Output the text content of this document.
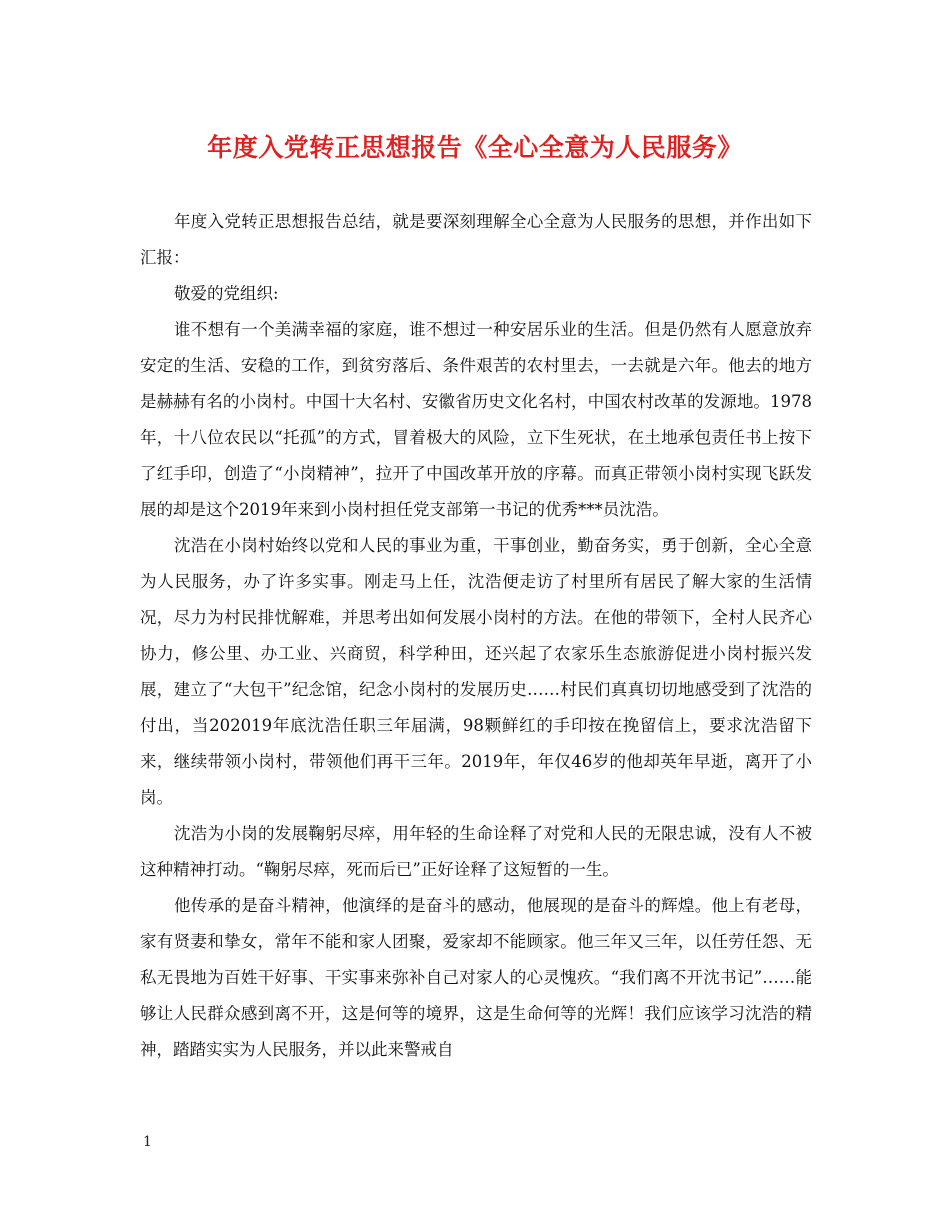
年度入党转正思想报告《全心全意为人民服务》

年度入党转正思想报告总结，就是要深刻理解全心全意为人民服务的思想，并作出如下汇报：

敬爱的党组织:

谁不想有一个美满幸福的家庭，谁不想过一种安居乐业的生活。但是仍然有人愿意放弃安定的生活、安稳的工作，到贫穷落后、条件艰苦的农村里去，一去就是六年。他去的地方是赫赫有名的小岗村。中国十大名村、安徽省历史文化名村，中国农村改革的发源地。1978年，十八位农民以“托孤”的方式，冒着极大的风险，立下生死状，在土地承包责任书上按下了红手印，创造了“小岗精神”，拉开了中国改革开放的序幕。而真正带领小岗村实现飞跃发展的却是这个2019年来到小岗村担任党支部第一书记的优秀***员沈浩。

沈浩在小岗村始终以党和人民的事业为重，干事创业，勤奋务实，勇于创新，全心全意为人民服务，办了许多实事。刚走马上任，沈浩便走访了村里所有居民了解大家的生活情况，尽力为村民排忧解难，并思考出如何发展小岗村的方法。在他的带领下，全村人民齐心协力，修公里、办工业、兴商贸，科学种田，还兴起了农家乐生态旅游促进小岗村振兴发展，建立了“大包干”纪念馆，纪念小岗村的发展历史……村民们真真切切地感受到了沈浩的付出，当202019年底沈浩任职三年届满，98颗鲜红的手印按在挽留信上，要求沈浩留下来，继续带领小岗村，带领他们再干三年。2019年，年仅46岁的他却英年早逝，离开了小岗。

沈浩为小岗的发展鞠躬尽瘁，用年轻的生命诠释了对党和人民的无限忠诚，没有人不被这种精神打动。“鞠躬尽瘁，死而后已”正好诠释了这短暂的一生。

他传承的是奋斗精神，他演绎的是奋斗的感动，他展现的是奋斗的辉煌。他上有老母，家有贤妻和挚女，常年不能和家人团聚，爱家却不能顾家。他三年又三年，以任劳任怨、无私无畏地为百姓干好事、干实事来弥补自己对家人的心灵愧疚。“我们离不开沈书记”……能够让人民群众感到离不开，这是何等的境界，这是生命何等的光辉！我们应该学习沈浩的精神，踏踏实实为人民服务，并以此来警戒自

1
